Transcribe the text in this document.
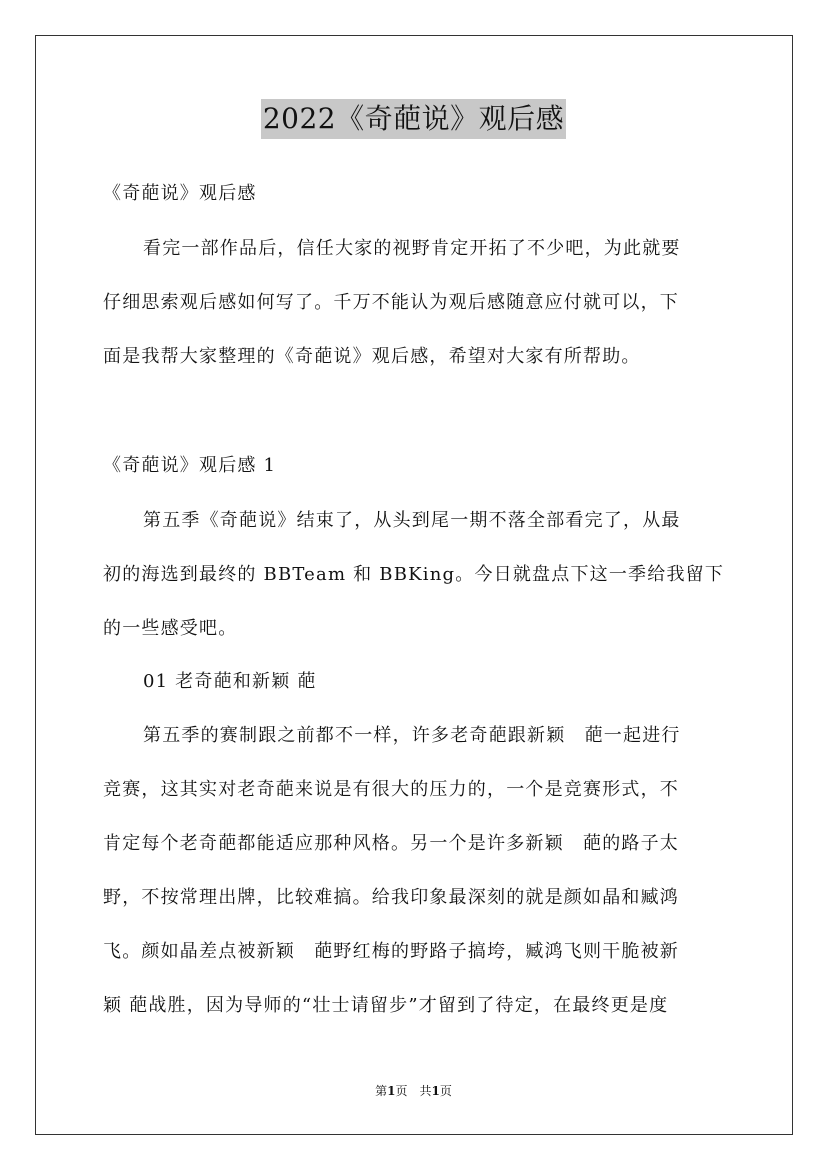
2022《奇葩说》观后感
《奇葩说》观后感
看完一部作品后，信任大家的视野肯定开拓了不少吧，为此就要
仔细思索观后感如何写了。千万不能认为观后感随意应付就可以，下
面是我帮大家整理的《奇葩说》观后感，希望对大家有所帮助。
《奇葩说》观后感 1
第五季《奇葩说》结束了，从头到尾一期不落全部看完了，从最
初的海选到最终的 BBTeam 和 BBKing。今日就盘点下这一季给我留下
的一些感受吧。
01 老奇葩和新颖 葩
第五季的赛制跟之前都不一样，许多老奇葩跟新颖　葩一起进行
竞赛，这其实对老奇葩来说是有很大的压力的，一个是竞赛形式，不
肯定每个老奇葩都能适应那种风格。另一个是许多新颖　葩的路子太
野，不按常理出牌，比较难搞。给我印象最深刻的就是颜如晶和臧鸿
飞。颜如晶差点被新颖　葩野红梅的野路子搞垮，臧鸿飞则干脆被新
颖 葩战胜，因为导师的“壮士请留步”才留到了待定，在最终更是度
第1页　共1页
